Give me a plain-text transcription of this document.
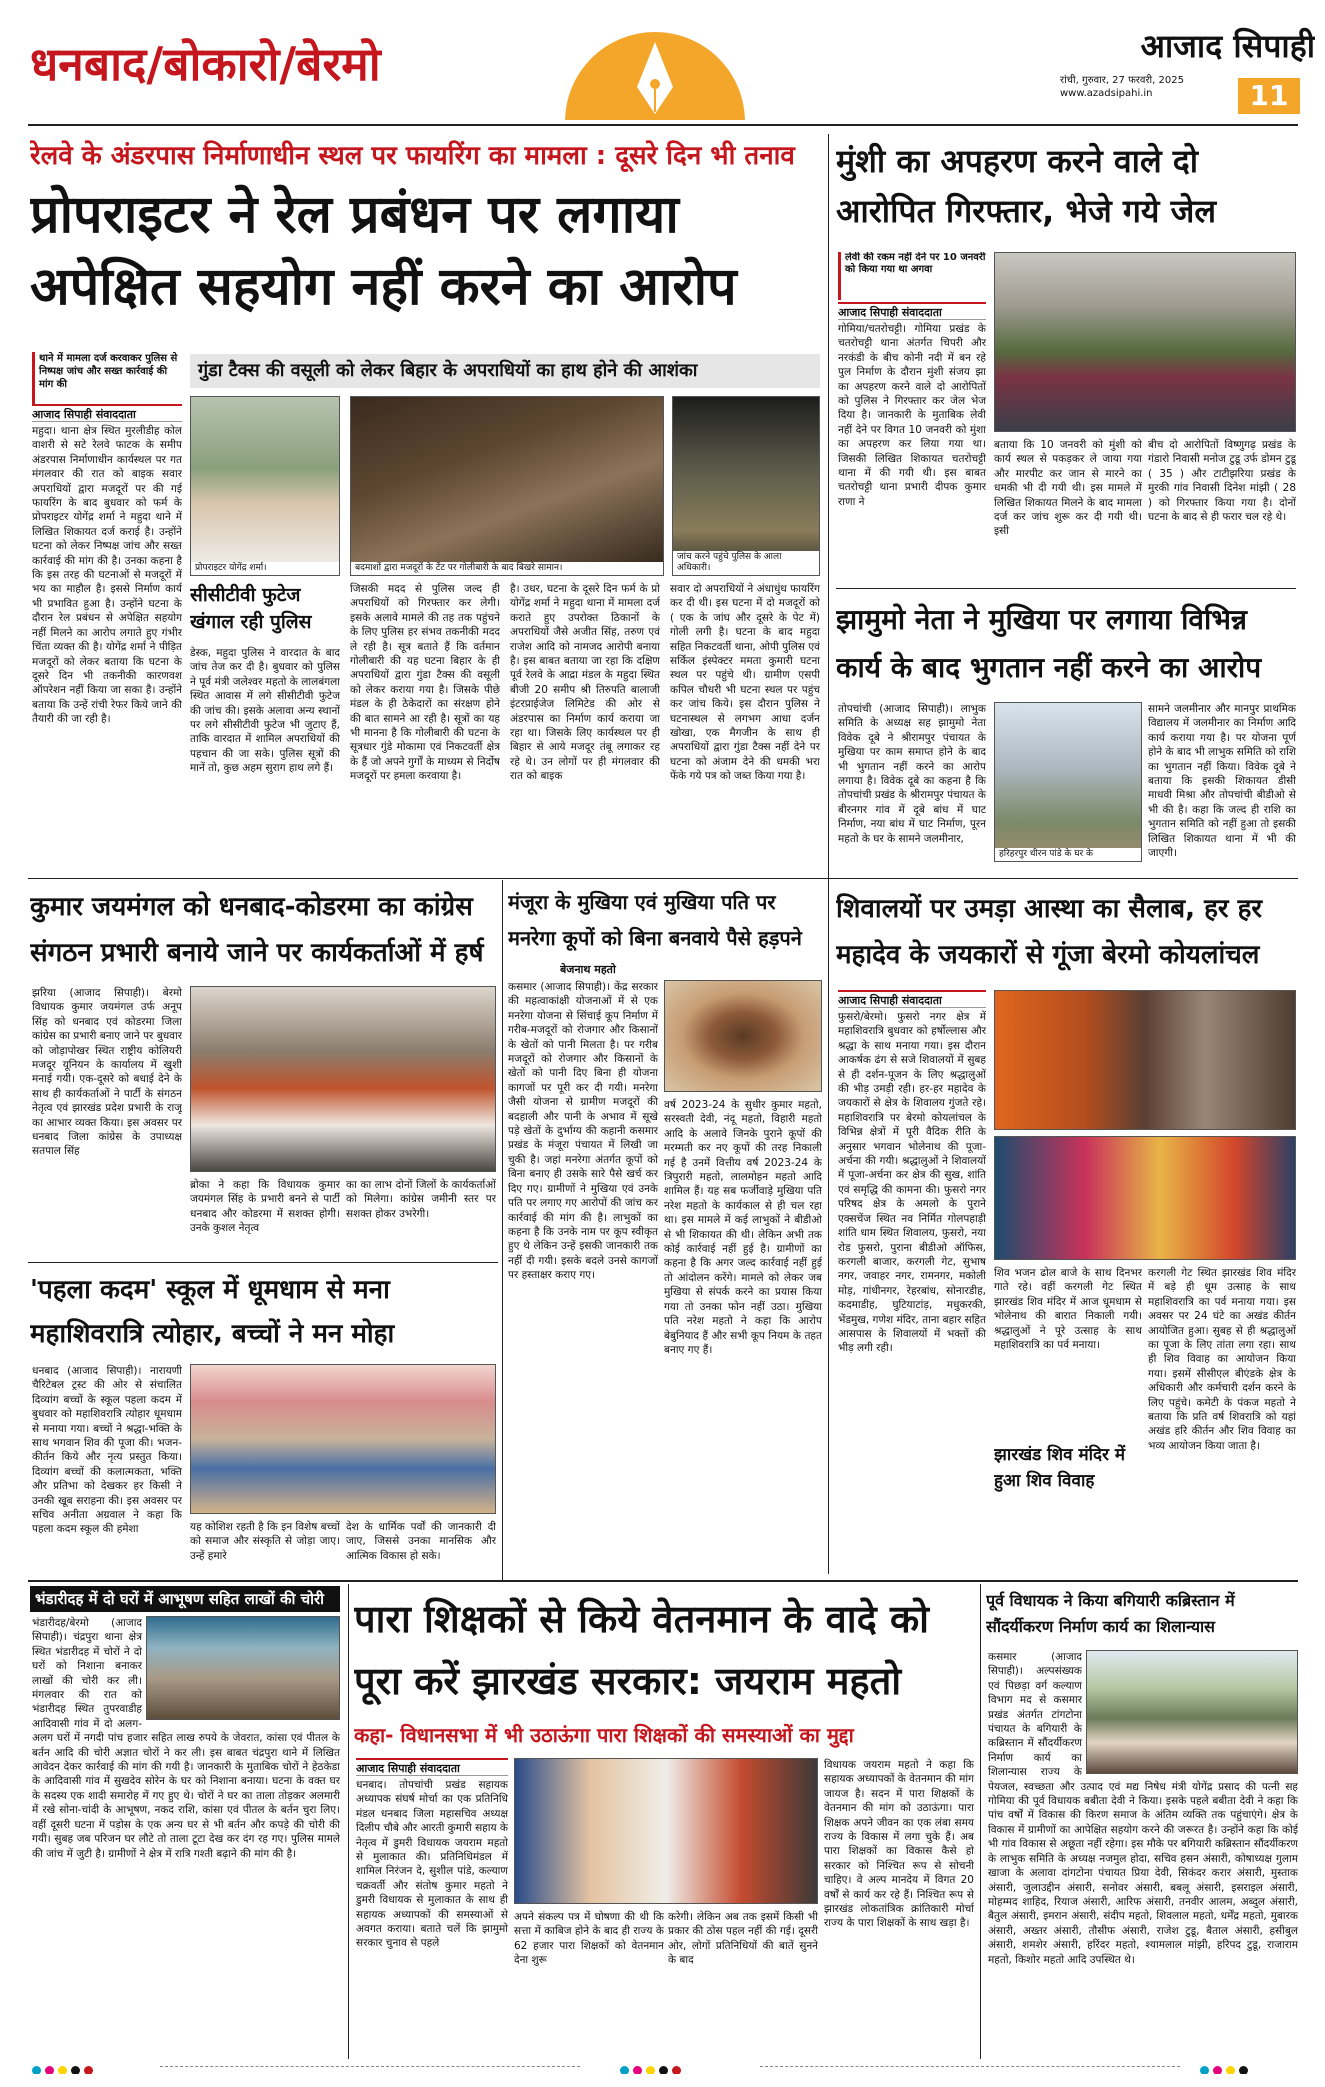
धनबाद/बोकारो/बेरमो	आजाद सिपाही
रांची, गुरुवार, 27 फरवरी, 2025
www.azadsipahi.in	11
रेलवे के अंडरपास निर्माणाधीन स्थल पर फायरिंग का मामला : दूसरे दिन भी तनाव
प्रोपराइटर ने रेल प्रबंधन पर लगाया
अपेक्षित सहयोग नहीं करने का आरोप
थाने में मामला दर्ज करवाकर पुलिस से निष्पक्ष जांच और सख्त कार्रवाई की मांग की
आजाद सिपाही संवाददाता
महुदा। थाना क्षेत्र स्थित मुरलीडीह कोल वाशरी से सटे रेलवे फाटक के समीप अंडरपास निर्माणाधीन कार्यस्थल पर गत मंगलवार की रात को बाइक सवार अपराधियों द्वारा मजदूरों पर की गई फायरिंग के बाद बुधवार को फर्म के प्रोपराइटर योगेंद्र शर्मा ने महुदा थाने में लिखित शिकायत दर्ज कराई है। उन्होंने घटना को लेकर निष्पक्ष जांच और सख्त कार्रवाई की मांग की है। उनका कहना है कि इस तरह की घटनाओं से मजदूरों में भय का माहौल है। इससे निर्माण कार्य भी प्रभावित हुआ है। उन्होंने घटना के दौरान रेल प्रबंधन से अपेक्षित सहयोग नहीं मिलने का आरोप लगाते हुए गंभीर चिंता व्यक्त की है। योगेंद्र शर्मा ने पीड़ित मजदूरों को लेकर बताया कि घटना के दूसरे दिन भी तकनीकी कारणवश ऑपरेशन नहीं किया जा सका है। उन्होंने बताया कि उन्हें रांची रेफर किये जाने की तैयारी की जा रही है।
गुंडा टैक्स की वसूली को लेकर बिहार के अपराधियों का हाथ होने की आशंका
प्रोपराइटर योगेंद्र शर्मा।	बदमाशों द्वारा मजदूरों के टेंट पर गोलीबारी के बाद बिखरे सामान।
जांच करने पहुंचे पुलिस के आला अधिकारी।
सीसीटीवी फुटेज खंगाल रही पुलिस
डेस्क, महुदा पुलिस ने वारदात के बाद जांच तेज कर दी है। बुधवार को पुलिस ने पूर्व मंत्री जलेश्वर महतो के लालबंगला स्थित आवास में लगे सीसीटीवी फुटेज की जांच की। इसके अलावा अन्य स्थानों पर लगे सीसीटीवी फुटेज भी जुटाए हैं, ताकि वारदात में शामिल अपराधियों की पहचान की जा सके। पुलिस सूत्रों की मानें तो, कुछ अहम सुराग हाथ लगे हैं।
जिसकी मदद से पुलिस जल्द ही अपराधियों को गिरफ्तार कर लेगी। इसके अलावे मामले की तह तक पहुंचने के लिए पुलिस हर संभव तकनीकी मदद ले रही है। सूत्र बताते हैं कि वर्तमान गोलीबारी की यह घटना बिहार के ही अपराधियों द्वारा गुंडा टैक्स की वसूली को लेकर कराया गया है। जिसके पीछे मंडल के ही ठेकेदारों का संरक्षण होने की बात सामने आ रही है। सूत्रों का यह भी मानना है कि गोलीबारी की घटना के सूत्रधार गुंडे मोकामा एवं निकटवर्ती क्षेत्र के हैं जो अपने गुर्गों के माध्यम से निर्दोष मजदूरों पर हमला करवाया है।
है। उधर, घटना के दूसरे दिन फर्म के प्रो योगेंद्र शर्मा ने महुदा थाना में मामला दर्ज कराते हुए उपरोक्त ठिकानों के अपराधियों जैसे अजीत सिंह, तरुण एवं राजेश आदि को नामजद आरोपी बनाया है। इस बाबत बताया जा रहा कि दक्षिण पूर्व रेलवे के आद्रा मंडल के महुदा स्थित बीजी 20 समीप श्री तिरुपति बालाजी इंटरप्राईजेज लिमिटेड की ओर से अंडरपास का निर्माण कार्य कराया जा रहा था। जिसके लिए कार्यस्थल पर ही बिहार से आये मजदूर तंबू लगाकर रह रहे थे। उन लोगों पर ही मंगलवार की रात को बाइक
सवार दो अपराधियों ने अंधाधुंध फायरिंग कर दी थी। इस घटना में दो मजदूरों को ( एक के जांघ और दूसरे के पेट में) गोली लगी है। घटना के बाद महुदा सहित निकटवर्ती थाना, ओपी पुलिस एवं सर्किल इंस्पेक्टर ममता कुमारी घटना स्थल पर पहुंचे थी। ग्रामीण एसपी कपिल चौधरी भी घटना स्थल पर पहुंच कर जांच किये। इस दौरान पुलिस ने घटनास्थल से लगभग आधा दर्जन खोखा, एक मैगजीन के साथ ही अपराधियों द्वारा गुंडा टैक्स नहीं देने पर घटना को अंजाम देने की धमकी भरा फेंके गये पत्र को जब्त किया गया है।
मुंशी का अपहरण करने वाले दो आरोपित गिरफ्तार, भेजे गये जेल
लेवी की रकम नहीं देने पर 10 जनवरी को किया गया था अगवा
आजाद सिपाही संवाददाता
गोमिया/चतरोचट्टी। गोमिया प्रखंड के चतरोचट्टी थाना अंतर्गत चिपरी और नरकंडी के बीच कोनी नदी में बन रहे पुल निर्माण के दौरान मुंशी संजय झा का अपहरण करने वाले दो आरोपितों को पुलिस ने गिरफ्तार कर जेल भेज दिया है। जानकारी के मुताबिक लेवी नहीं देने पर विगत 10 जनवरी को मुंशा का अपहरण कर लिया गया था। जिसकी लिखित शिकायत चतरोचट्टी थाना में की गयी थी। इस बाबत चतरोचट्टी थाना प्रभारी दीपक कुमार राणा ने
बताया कि 10 जनवरी को मुंशी को कार्य स्थल से पकड़कर ले जाया गया और मारपीट कर जान से मारने का धमकी भी दी गयी थी। इस मामले में लिखित शिकायत मिलने के बाद मामला दर्ज कर जांच शुरू कर दी गयी थी। इसी
बीच दो आरोपितों विष्णुगढ़ प्रखंड के गंडारो निवासी मनोज टुडू उर्फ डोमन टुडू ( 35 ) और टाटीझरिया प्रखंड के मुरकी गांव निवासी दिनेश मांझी ( 28 ) को गिरफ्तार किया गया है। दोनों घटना के बाद से ही फरार चल रहे थे।
झामुमो नेता ने मुखिया पर लगाया विभिन्न कार्य के बाद भुगतान नहीं करने का आरोप
तोपचांची (आजाद सिपाही)। लाभुक समिति के अध्यक्ष सह झामुमो नेता विवेक दूबे ने श्रीरामपुर पंचायत के मुखिया पर काम समाप्त होने के बाद भी भुगतान नहीं करने का आरोप लगाया है। विवेक दूबे का कहना है कि तोपचांची प्रखंड के श्रीरामपुर पंचायत के बीरनगर गांव में दूबे बांध में घाट निर्माण, नया बांध में घाट निर्माण, पूरन महतो के घर के सामने जलमीनार,
हरिहरपुर धीरन पांडे के घर के
सामने जलमीनार और मानपुर प्राथमिक विद्यालय में जलमीनार का निर्माण आदि कार्य कराया गया है। पर योजना पूर्ण होने के बाद भी लाभुक समिति को राशि का भुगतान नहीं किया। विवेक दूबे ने बताया कि इसकी शिकायत डीसी माधवी मिश्रा और तोपचांची बीडीओ से भी की है। कहा कि जल्द ही राशि का भुगतान समिति को नहीं हुआ तो इसकी लिखित शिकायत थाना में भी की जाएगी।
कुमार जयमंगल को धनबाद-कोडरमा का कांग्रेस संगठन प्रभारी बनाये जाने पर कार्यकर्ताओं में हर्ष
झरिया (आजाद सिपाही)। बेरमो विधायक कुमार जयमंगल उर्फ अनूप सिंह को धनबाद एवं कोडरमा जिला कांग्रेस का प्रभारी बनाए जाने पर बुधवार को जोड़ापोखर स्थित राष्ट्रीय कोलियरी मजदूर यूनियन के कार्यालय में खुशी मनाई गयी। एक-दूसरे को बधाई देने के साथ ही कार्यकर्ताओं ने पार्टी के संगठन नेतृत्व एवं झारखंड प्रदेश प्रभारी के राजू का आभार व्यक्त किया। इस अवसर पर धनबाद जिला कांग्रेस के उपाध्यक्ष सतपाल सिंह
ब्रोका ने कहा कि विधायक कुमार जयमंगल सिंह के प्रभारी बनने से पार्टी धनबाद और कोडरमा में सशक्त होगी। उनके कुशल नेतृत्व
का का लाभ दोनों जिलों के कार्यकर्ताओं को मिलेगा। कांग्रेस जमीनी स्तर पर सशक्त होकर उभरेगी।
मंजूरा के मुखिया एवं मुखिया पति पर मनरेगा कूपों को बिना बनवाये पैसे हड़पने
बेजनाथ महतो
कसमार (आजाद सिपाही)। केंद्र सरकार की महत्वाकांक्षी योजनाओं में से एक मनरेगा योजना से सिंचाई कूप निर्माण में गरीब-मजदूरों को रोजगार और किसानों के खेतों को पानी मिलता है। पर गरीब मजदूरों को रोजगार और किसानों के खेतों को पानी दिए बिना ही योजना कागजों पर पूरी कर दी गयी। मनरेगा जैसी योजना से ग्रामीण मजदूरों की बदहाली और पानी के अभाव में सूखे पड़े खेतों के दुर्भाग्य की कहानी कसमार प्रखंड के मंजूरा पंचायत में लिखी जा चुकी है। जहां मनरेगा अंतर्गत कूपों को बिना बनाए ही उसके सारे पैसे खर्च कर दिए गए। ग्रामीणों ने मुखिया एवं उनके पति पर लगाए गए आरोपों की जांच कर कार्रवाई की मांग की है। लाभुकों का कहना है कि उनके नाम पर कूप स्वीकृत हुए थे लेकिन उन्हें इसकी जानकारी तक नहीं दी गयी। इसके बदले उनसे कागजों पर हस्ताक्षर कराए गए।
वर्ष 2023-24 के सुधीर कुमार महतो, सरस्वती देवी, नंदू महतो, विहारी महतो आदि के अलावे जिनके पुराने कूपों की मरम्मती कर नए कूपों की तरह निकाली गई है उनमें वित्तीय वर्ष 2023-24 के त्रिपुरारी महतो, लालमोहन महतो आदि शामिल हैं। यह सब फर्जीवाड़े मुखिया पति नरेश महतो के कार्यकाल से ही चल रहा था। इस मामले में कई लाभुकों ने बीडीओ से भी शिकायत की थी। लेकिन अभी तक कोई कार्रवाई नहीं हुई है। ग्रामीणों का कहना है कि अगर जल्द कार्रवाई नहीं हुई तो आंदोलन करेंगे। मामले को लेकर जब मुखिया से संपर्क करने का प्रयास किया गया तो उनका फोन नहीं उठा। मुखिया पति नरेश महतो ने कहा कि आरोप बेबुनियाद हैं और सभी कूप नियम के तहत बनाए गए हैं।
शिवालयों पर उमड़ा आस्था का सैलाब, हर हर महादेव के जयकारों से गूंजा बेरमो कोयलांचल
आजाद सिपाही संवाददाता
फुसरो/बेरमो। फुसरो नगर क्षेत्र में महाशिवरात्रि बुधवार को हर्षोल्लास और श्रद्धा के साथ मनाया गया। इस दौरान आकर्षक ढंग से सजे शिवालयों में सुबह से ही दर्शन-पूजन के लिए श्रद्धालुओं की भीड़ उमड़ी रही। हर-हर महादेव के जयकारों से क्षेत्र के शिवालय गुंजते रहे। महाशिवरात्रि पर बेरमो कोयलांचल के विभिन्न क्षेत्रों में पूरी वैदिक रीति के अनुसार भगवान भोलेनाथ की पूजा-अर्चना की गयी। श्रद्धालुओं ने शिवालयों में पूजा-अर्चना कर क्षेत्र की सुख, शांति एवं समृद्धि की कामना की। फुसरो नगर परिषद क्षेत्र के अमलो के पुराने एक्सचेंज स्थित नव निर्मित गोलपहाड़ी शांति धाम स्थित शिवालय, फुसरो, नया रोड फुसरो, पुराना बीडीओ ऑफिस, करगली बाजार, करगली गेट, सुभाष नगर, जवाहर नगर, रामनगर, मकोली मोड़, गांधीनगर, रेहरबांध, सोनारडीह, कदमाडीह, घुटियाटांड़, मधुकरकी, भेंडमुख, गणेश मंदिर, ताना बहार सहित आसपास के शिवालयों में भक्तों की भीड़ लगी रही।
शिव भजन ढोल बाजे के साथ दिनभर गाते रहे। वहीं करगली गेट स्थित झारखंड शिव मंदिर में आज धूमधाम से भोलेनाथ की बारात निकाली गयी। श्रद्धालुओं ने पूरे उत्साह के साथ महाशिवरात्रि का पर्व मनाया।
झारखंड शिव मंदिर में हुआ शिव विवाह
करगली गेट स्थित झारखंड शिव मंदिर में बड़े ही धूम उत्साह के साथ महाशिवरात्रि का पर्व मनाया गया। इस अवसर पर 24 घंटे का अखंड कीर्तन आयोजित हुआ। सुबह से ही श्रद्धालुओं का पूजा के लिए तांता लगा रहा। साथ ही शिव विवाह का आयोजन किया गया। इसमें सीसीएल बीएंडके क्षेत्र के अधिकारी और कर्मचारी दर्शन करने के लिए पहुंचे। कमेटी के पंकज महतो ने बताया कि प्रति वर्ष शिवरात्रि को यहां अखंड हरि कीर्तन और शिव विवाह का भव्य आयोजन किया जाता है।
'पहला कदम' स्कूल में धूमधाम से मना महाशिवरात्रि त्योहार, बच्चों ने मन मोहा
धनबाद (आजाद सिपाही)। नारायणी चैरिटेबल ट्रस्ट की ओर से संचालित दिव्यांग बच्चों के स्कूल पहला कदम में बुधवार को महाशिवरात्रि त्योहार धूमधाम से मनाया गया। बच्चों ने श्रद्धा-भक्ति के साथ भगवान शिव की पूजा की। भजन-कीर्तन किये और नृत्य प्रस्तुत किया। दिव्यांग बच्चों की कलात्मकता, भक्ति और प्रतिभा को देखकर हर किसी ने उनकी खूब सराहना की। इस अवसर पर सचिव अनीता अग्रवाल ने कहा कि पहला कदम स्कूल की हमेशा	यह कोशिश रहती है कि इन विशेष बच्चों को समाज और संस्कृति से जोड़ा जाए। उन्हें हमारे
देश के धार्मिक पर्वों की जानकारी दी जाए, जिससे उनका मानसिक और आत्मिक विकास हो सके।
भंडारीदह में दो घरों में आभूषण सहित लाखों की चोरी
भंडारीदह/बेरमो (आजाद सिपाही)। चंद्रपुरा थाना क्षेत्र स्थित भंडारीदह में चोरों ने दो घरों को निशाना बनाकर लाखों की चोरी कर ली। मंगलवार की रात को भंडारीदह स्थित तुपरवाडीह आदिवासी गांव में दो अलग-अलग घरों में नगदी पांच हजार सहित लाख रुपये के जेवरात, कांसा एवं पीतल के बर्तन आदि की चोरी अज्ञात चोरों ने कर ली। इस बाबत चंद्रपुरा थाने में लिखित आवेदन देकर कार्रवाई की मांग की गयी है। जानकारी के मुताबिक चोरों ने हेठकेडा के आदिवासी गांव में सुखदेव सोरेन के घर को निशाना बनाया। घटना के वक्त घर के सदस्य एक शादी समारोह में गए हुए थे। चोरों ने घर का ताला तोड़कर अलमारी में रखे सोना-चांदी के आभूषण, नकद राशि, कांसा एवं पीतल के बर्तन चुरा लिए। वहीं दूसरी घटना में पड़ोस के एक अन्य घर से भी बर्तन और कपड़े की चोरी की गयी। सुबह जब परिजन घर लौटे तो ताला टूटा देख कर दंग रह गए। पुलिस मामले की जांच में जुटी है। ग्रामीणों ने क्षेत्र में रात्रि गश्ती बढ़ाने की मांग की है।
पारा शिक्षकों से किये वेतनमान के वादे को
पूरा करें झारखंड सरकार: जयराम महतो
कहा- विधानसभा में भी उठाऊंगा पारा शिक्षकों की समस्याओं का मुद्दा
आजाद सिपाही संवाददाता
धनबाद। तोपचांची प्रखंड सहायक अध्यापक संघर्ष मोर्चा का एक प्रतिनिधि मंडल धनबाद जिला महासचिव अध्यक्ष दिलीप चौबे और आरती कुमारी सहाय के नेतृत्व में डुमरी विधायक जयराम महतो से मुलाकात की। प्रतिनिधिमंडल में शामिल निरंजन दे, सुशील पांडे, कल्याण चक्रवर्ती और संतोष कुमार महतो ने डुमरी विधायक से मुलाकात के साथ ही सहायक अध्यापकों की समस्याओं से अवगत कराया। बताते चलें कि झामुमो सरकार चुनाव से पहले
अपने संकल्प पत्र में घोषणा की थी कि सत्ता में काबिज होने के बाद ही राज्य के 62 हजार पारा शिक्षकों को वेतनमान देना शुरू
करेगी। लेकिन अब तक इसमें किसी भी प्रकार की ठोस पहल नहीं की गई। दूसरी ओर, लोगों प्रतिनिधियों की बातें सुनने के बाद
विधायक जयराम महतो ने कहा कि सहायक अध्यापकों के वेतनमान की मांग जायज है। सदन में पारा शिक्षकों के वेतनमान की मांग को उठाऊंगा। पारा शिक्षक अपने जीवन का एक लंबा समय राज्य के विकास में लगा चुके हैं। अब पारा शिक्षकों का विकास कैसे हो सरकार को निश्चित रूप से सोचनी चाहिए। वे अल्प मानदेय में विगत 20 वर्षों से कार्य कर रहे हैं। निश्चित रूप से झारखंड लोकतांत्रिक क्रांतिकारी मोर्चा राज्य के पारा शिक्षकों के साथ खड़ा है।
पूर्व विधायक ने किया बगियारी कब्रिस्तान में सौंदर्यीकरण निर्माण कार्य का शिलान्यास
कसमार (आजाद सिपाही)। अल्पसंख्यक एवं पिछड़ा वर्ग कल्याण विभाग मद से कसमार प्रखंड अंतर्गत टांगटोना पंचायत के बगियारी के कब्रिस्तान में सौंदर्यीकरण निर्माण कार्य का शिलान्यास राज्य के पेयजल, स्वच्छता और उत्पाद एवं मद्य निषेध मंत्री योगेंद्र प्रसाद की पत्नी सह गोमिया की पूर्व विधायक बबीता देवी ने किया। इसके पहले बबीता देवी ने कहा कि पांच वर्षों में विकास की किरण समाज के अंतिम व्यक्ति तक पहुंचाएंगे। क्षेत्र के विकास में ग्रामीणों का आपेक्षित सहयोग करने की जरूरत है। उन्होंने कहा कि कोई भी गांव विकास से अछूता नहीं रहेगा। इस मौके पर बगियारी कब्रिस्तान सौंदर्यीकरण के लाभुक समिति के अध्यक्ष नजमुल होदा, सचिव हसन अंसारी, कोषाध्यक्ष गुलाम खाजा के अलावा दांगटोना पंचायत प्रिया देवी, सिकंदर करार अंसारी, मुस्ताक अंसारी, जुलाउद्दीन अंसारी, सनोवर अंसारी, बबलू अंसारी, इसराइल अंसारी, मोहम्मद शाहिद, रियाज अंसारी, आरिफ अंसारी, तनवीर आलम, अब्दुल अंसारी, बैतुल अंसारी, इमरान अंसारी, संदीप महतो, शिवलाल महतो, धर्मेंद्र महतो, मुबारक अंसारी, अख्तर अंसारी, तौसीफ अंसारी, राजेश टुडू, बैताल अंसारी, हसीबुल अंसारी, शमशेर अंसारी, हरिंदर महतो, श्यामलाल मांझी, हरिपद टुडू, राजाराम महतो, किशोर महतो आदि उपस्थित थे।
